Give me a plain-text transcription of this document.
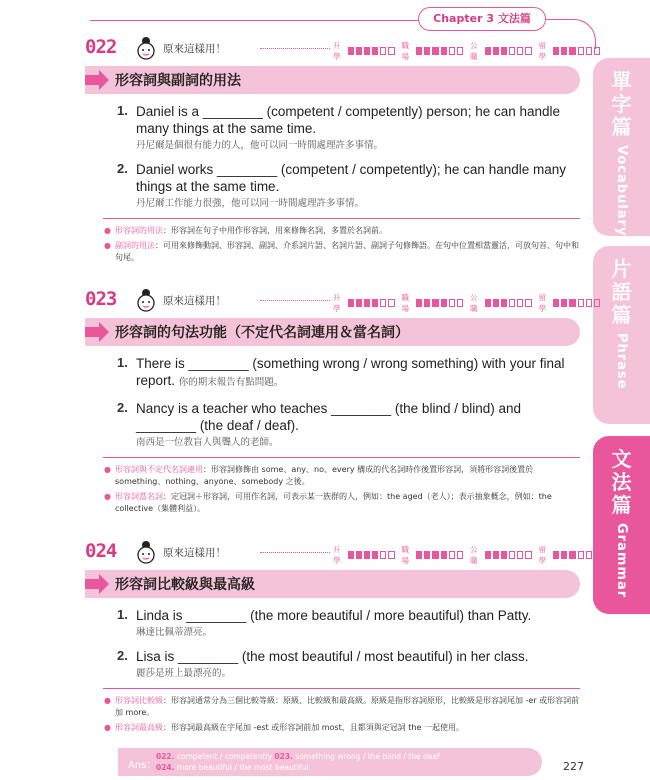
Chapter 3 文法篇
單字篇
Vocabulary
片語篇
Phrase
文法篇
Grammar
022	原來這樣用！	升學
職場
公職
留學
形容詞與副詞的用法
1. Daniel is a ________ (competent / competently) person; he can handle many things at the same time.
丹尼爾是個很有能力的人，他可以同一時間處理許多事情。
2. Daniel works ________ (competent / competently); he can handle many things at the same time.
丹尼爾工作能力很強，他可以同一時間處理許多事情。
● 形容詞的用法：形容詞在句子中用作形容詞，用來修飾名詞，多置於名詞前。
● 副詞的用法：可用來修飾動詞、形容詞、副詞、介系詞片語、名詞片語、副詞子句修飾語。在句中位置相當靈活，可放句首、句中和句尾。
023	原來這樣用！	升學
職場
公職
留學
形容詞的句法功能（不定代名詞連用＆當名詞）
1. There is ________ (something wrong / wrong something) with your final report. 你的期末報告有點問題。
2. Nancy is a teacher who teaches ________ (the blind / blind) and ________ (the deaf / deaf).
南西是一位教盲人與聾人的老師。
● 形容詞與不定代名詞連用：形容詞修飾由 some、any、no、every 構成的代名詞時作後置形容詞，須將形容詞後置於 something、nothing、anyone、somebody 之後。
● 形容詞當名詞：定冠詞＋形容詞，可用作名詞，可表示某一族群的人，例如：the aged（老人）；表示抽象概念，例如：the collective（集體利益）。
024	原來這樣用！	升學
職場
公職
留學
形容詞比較級與最高級
1. Linda is ________ (the more beautiful / more beautiful) than Patty.
琳達比佩蒂漂亮。
2. Lisa is ________ (the most beautiful / most beautiful) in her class.
麗莎是班上最漂亮的。
● 形容詞比較級：形容詞通常分為三個比較等級：原級、比較級和最高級。原級是指形容詞原形，比較級是形容詞尾加 -er 或形容詞前加 more。
● 形容詞最高級：形容詞最高級在字尾加 -est 或形容詞前加 most，且都須與定冠詞 the 一起使用。
Ans：
022. competent / competently 023. something wrong / the blind / the deaf
024. more beautiful / the most beautiful	227
